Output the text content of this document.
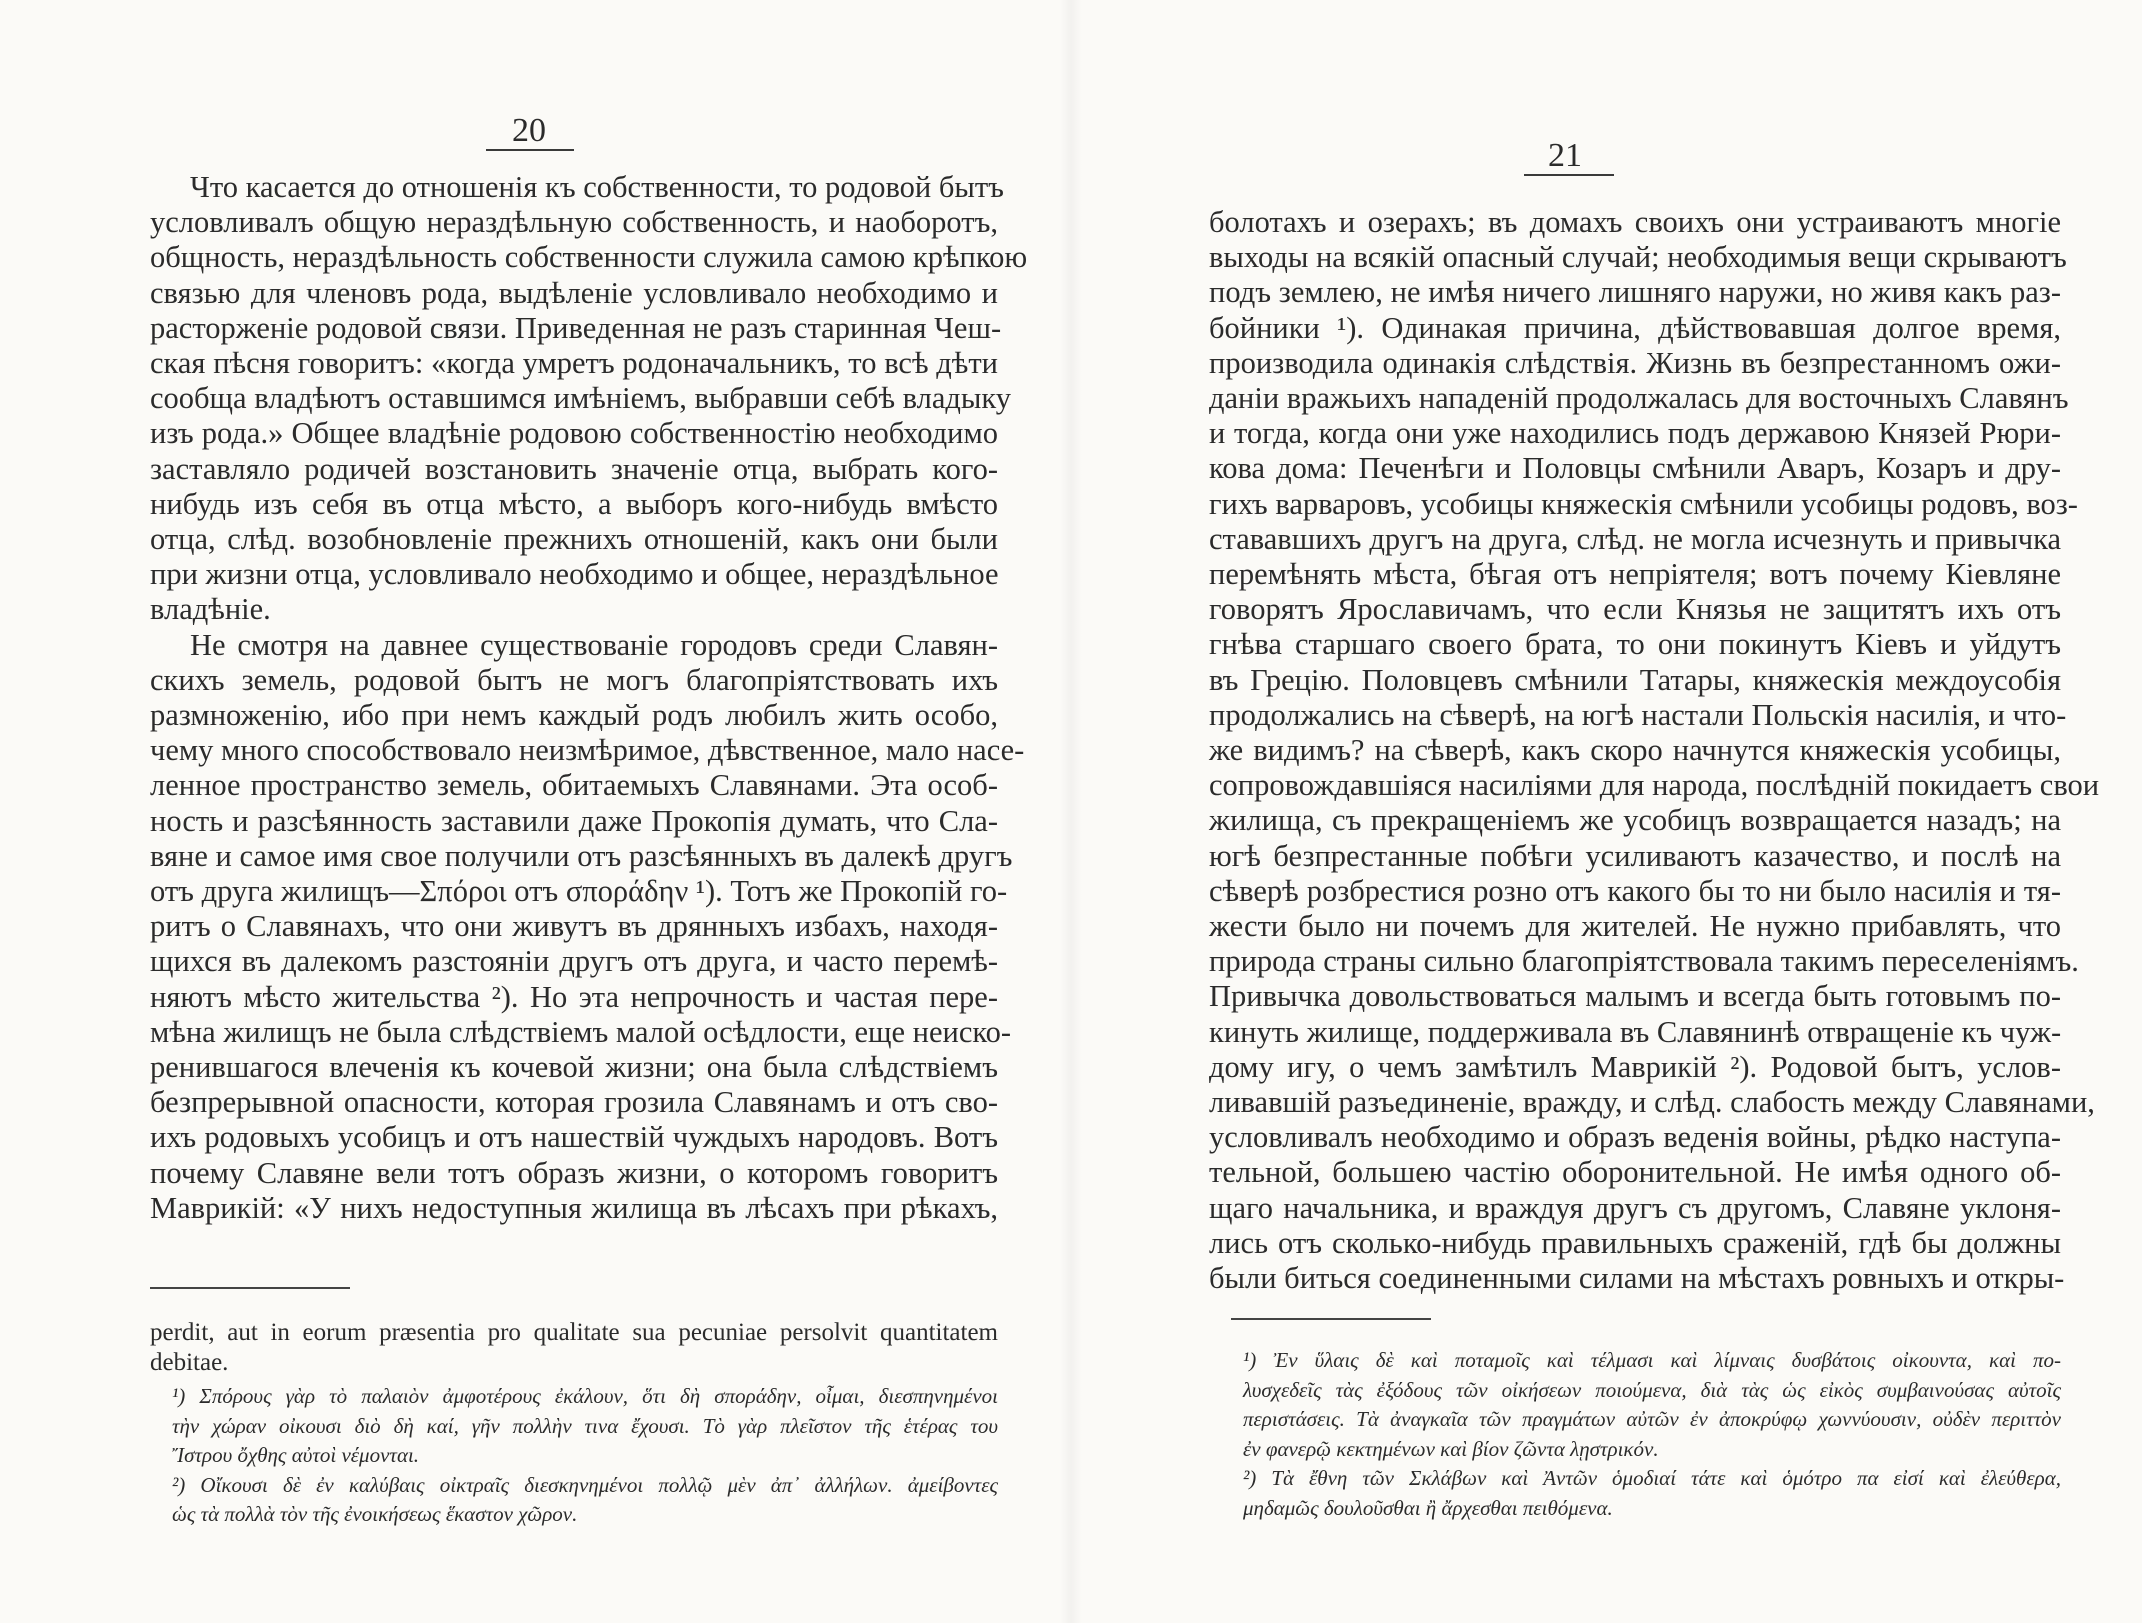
20
Что касается до отношенія къ собственности, то родовой бытъ
условливалъ общую нераздѣльную собственность, и наоборотъ,
общность, нераздѣльность собственности служила самою крѣпкою
связью для членовъ рода, выдѣленіе условливало необходимо и
расторженіе родовой связи. Приведенная не разъ старинная Чеш-
ская пѣсня говоритъ: «когда умретъ родоначальникъ, то всѣ дѣти
сообща владѣютъ оставшимся имѣніемъ, выбравши себѣ владыку
изъ рода.» Общее владѣніе родовою собственностію необходимо
заставляло родичей возстановить значеніе отца, выбрать кого-
нибудь изъ себя въ отца мѣсто, а выборъ кого-нибудь вмѣсто
отца, слѣд. возобновленіе прежнихъ отношеній, какъ они были
при жизни отца, условливало необходимо и общее, нераздѣльное
владѣніе.
Не смотря на давнее существованіе городовъ среди Славян-
скихъ земель, родовой бытъ не могъ благопріятствовать ихъ
размноженію, ибо при немъ каждый родъ любилъ жить особо,
чему много способствовало неизмѣримое, дѣвственное, мало насе-
ленное пространство земель, обитаемыхъ Славянами. Эта особ-
ность и разсѣянность заставили даже Прокопія думать, что Сла-
вяне и самое имя свое получили отъ разсѣянныхъ въ далекѣ другъ
отъ друга жилищъ—Σπόροι отъ σποράδην ¹). Тотъ же Прокопій го-
ритъ о Славянахъ, что они живутъ въ дрянныхъ избахъ, находя-
щихся въ далекомъ разстояніи другъ отъ друга, и часто перемѣ-
няютъ мѣсто жительства ²). Но эта непрочность и частая пере-
мѣна жилищъ не была слѣдствіемъ малой осѣдлости, еще неиско-
ренившагося влеченія къ кочевой жизни; она была слѣдствіемъ
безпрерывной опасности, которая грозила Славянамъ и отъ сво-
ихъ родовыхъ усобицъ и отъ нашествій чуждыхъ народовъ. Вотъ
почему Славяне вели тотъ образъ жизни, о которомъ говоритъ
Маврикій: «У нихъ недоступныя жилища въ лѣсахъ при рѣкахъ,
perdit, aut in eorum præsentia pro qualitate sua pecuniae persolvit quantitatem
debitae.
¹) Σπόρους γὰρ τὸ παλαιὸν ἀμφοτέρους ἐκάλουν, ὅτι δὴ σποράδην, οἶμαι, διεσπηνημένοι
τὴν χώραν οἰκουσι διὸ δὴ καί, γῆν πολλὴν τινα ἔχουσι. Τὸ γὰρ πλεῖστον τῆς ἑτέρας του
Ἴστρου ὄχθης αὐτοὶ νέμονται.
²) Οἴκουσι δὲ ἐν καλύβαις οἰκτραῖς διεσκηνημένοι πολλῷ μὲν ἀπ᾽ ἀλλήλων. ἀμείβοντες
ὡς τὰ πολλὰ τὸν τῆς ἐνοικήσεως ἕκαστον χῶρον.
21
болотахъ и озерахъ; въ домахъ своихъ они устраиваютъ многіе
выходы на всякій опасный случай; необходимыя вещи скрываютъ
подъ землею, не имѣя ничего лишняго наружи, но живя какъ раз-
бойники ¹). Одинакая причина, дѣйствовавшая долгое время,
производила одинакія слѣдствія. Жизнь въ безпрестанномъ ожи-
даніи вражьихъ нападеній продолжалась для восточныхъ Славянъ
и тогда, когда они уже находились подъ державою Князей Рюри-
кова дома: Печенѣги и Половцы смѣнили Аваръ, Козаръ и дру-
гихъ варваровъ, усобицы княжескія смѣнили усобицы родовъ, воз-
стававшихъ другъ на друга, слѣд. не могла исчезнуть и привычка
перемѣнять мѣста, бѣгая отъ непріятеля; вотъ почему Кіевляне
говорятъ Ярославичамъ, что если Князья не защитятъ ихъ отъ
гнѣва старшаго своего брата, то они покинутъ Кіевъ и уйдутъ
въ Грецію. Половцевъ смѣнили Татары, княжескія междоусобія
продолжались на сѣверѣ, на югѣ настали Польскія насилія, и что-
же видимъ? на сѣверѣ, какъ скоро начнутся княжескія усобицы,
сопровождавшіяся насиліями для народа, послѣдній покидаетъ свои
жилища, съ прекращеніемъ же усобицъ возвращается назадъ; на
югѣ безпрестанные побѣги усиливаютъ казачество, и послѣ на
сѣверѣ розбрестися розно отъ какого бы то ни было насилія и тя-
жести было ни почемъ для жителей. Не нужно прибавлять, что
природа страны сильно благопріятствовала такимъ переселеніямъ.
Привычка довольствоваться малымъ и всегда быть готовымъ по-
кинуть жилище, поддерживала въ Славянинѣ отвращеніе къ чуж-
дому игу, о чемъ замѣтилъ Маврикій ²). Родовой бытъ, услов-
ливавшій разъединеніе, вражду, и слѣд. слабость между Славянами,
условливалъ необходимо и образъ веденія войны, рѣдко наступа-
тельной, большею частію оборонительной. Не имѣя одного об-
щаго начальника, и враждуя другъ съ другомъ, Славяне уклоня-
лись отъ сколько-нибудь правильныхъ сраженій, гдѣ бы должны
были биться соединенными силами на мѣстахъ ровныхъ и откры-
¹) Ἐν ὕλαις δὲ καὶ ποταμοῖς καὶ τέλμασι καὶ λίμναις δυσβάτοις οἰκουντα, καὶ πο-
λυσχεδεῖς τὰς ἐξόδους τῶν οἰκήσεων ποιούμενα, διὰ τὰς ὡς εἰκὸς συμβαινούσας αὐτοῖς
περιστάσεις. Τὰ ἀναγκαῖα τῶν πραγμάτων αὐτῶν ἐν ἀποκρύφῳ χωννύουσιν, οὐδὲν περιττὸν
ἐν φανερῷ κεκτημένων καὶ βίον ζῶντα λῃστρικόν.
²) Τὰ ἔθνη τῶν Σκλάβων καὶ Ἀντῶν ὁμοδιαί τάτε καὶ ὁμότρο πα εἰσί καὶ ἐλεύθερα,
μηδαμῶς δουλοῦσθαι ἢ ἄρχεσθαι πειθόμενα.
